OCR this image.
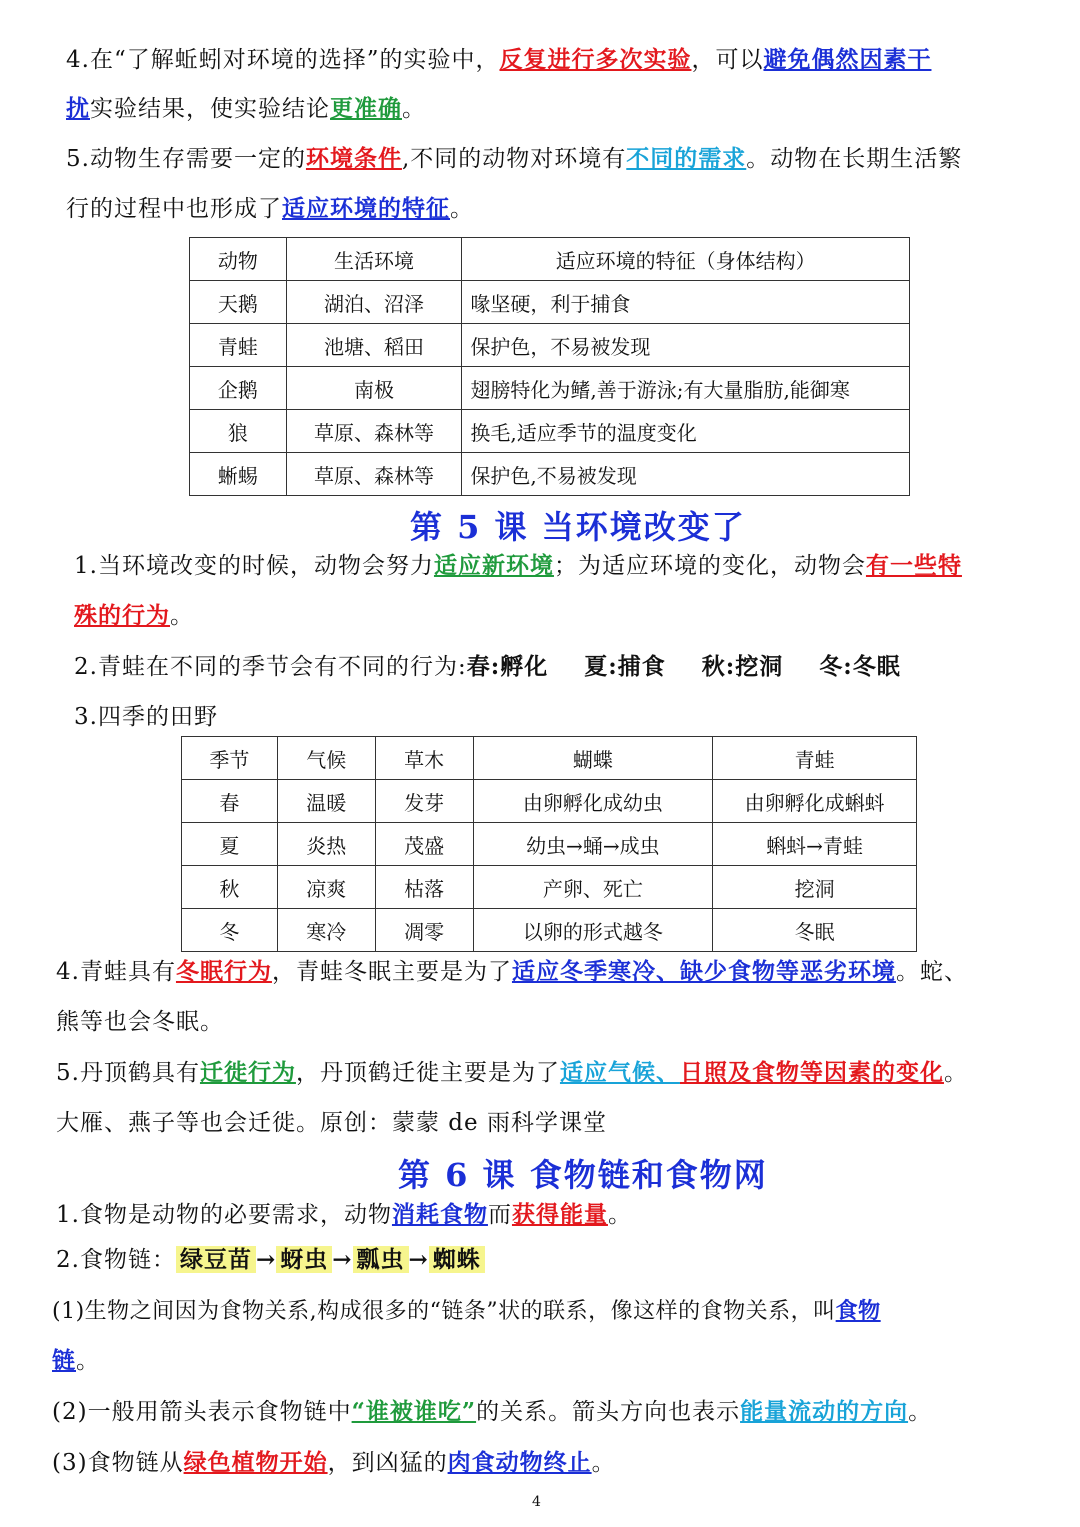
4.在“了解蚯蚓对环境的选择”的实验中，反复进行多次实验，可以避免偶然因素干
扰实验结果，使实验结论更准确。
5.动物生存需要一定的环境条件,不同的动物对环境有不同的需求。动物在长期生活繁
行的过程中也形成了适应环境的特征。
动物	生活环境	适应环境的特征（身体结构）
天鹅	湖泊、沼泽	喙坚硬，利于捕食
青蛙	池塘、稻田	保护色，不易被发现
企鹅	南极	翅膀特化为鳍,善于游泳;有大量脂肪,能御寒
狼	草原、森林等	换毛,适应季节的温度变化
蜥蜴	草原、森林等	保护色,不易被发现
第 5 课 当环境改变了
1.当环境改变的时候，动物会努力适应新环境；为适应环境的变化，动物会有一些特
殊的行为。
2.青蛙在不同的季节会有不同的行为:春:孵化    夏:捕食    秋:挖洞    冬:冬眠
3.四季的田野
季节	气候	草木	蝴蝶	青蛙
春	温暖	发芽	由卵孵化成幼虫	由卵孵化成蝌蚪
夏	炎热	茂盛	幼虫→蛹→成虫	蝌蚪→青蛙
秋	凉爽	枯落	产卵、死亡	挖洞
冬	寒冷	凋零	以卵的形式越冬	冬眠
4.青蛙具有冬眠行为，青蛙冬眠主要是为了适应冬季寒冷、缺少食物等恶劣环境。蛇、
熊等也会冬眠。
5.丹顶鹤具有迁徙行为，丹顶鹤迁徙主要是为了适应气候、日照及食物等因素的变化。
大雁、燕子等也会迁徙。原创：蒙蒙 de 雨科学课堂
第 6 课 食物链和食物网
1.食物是动物的必要需求，动物消耗食物而获得能量。
2.食物链： 绿豆苗 → 蚜虫 → 瓢虫 → 蜘蛛
(1)生物之间因为食物关系,构成很多的“链条”状的联系，像这样的食物关系，叫食物
链。
(2)一般用箭头表示食物链中“谁被谁吃”的关系。箭头方向也表示能量流动的方向。
(3)食物链从绿色植物开始，到凶猛的肉食动物终止。
4
